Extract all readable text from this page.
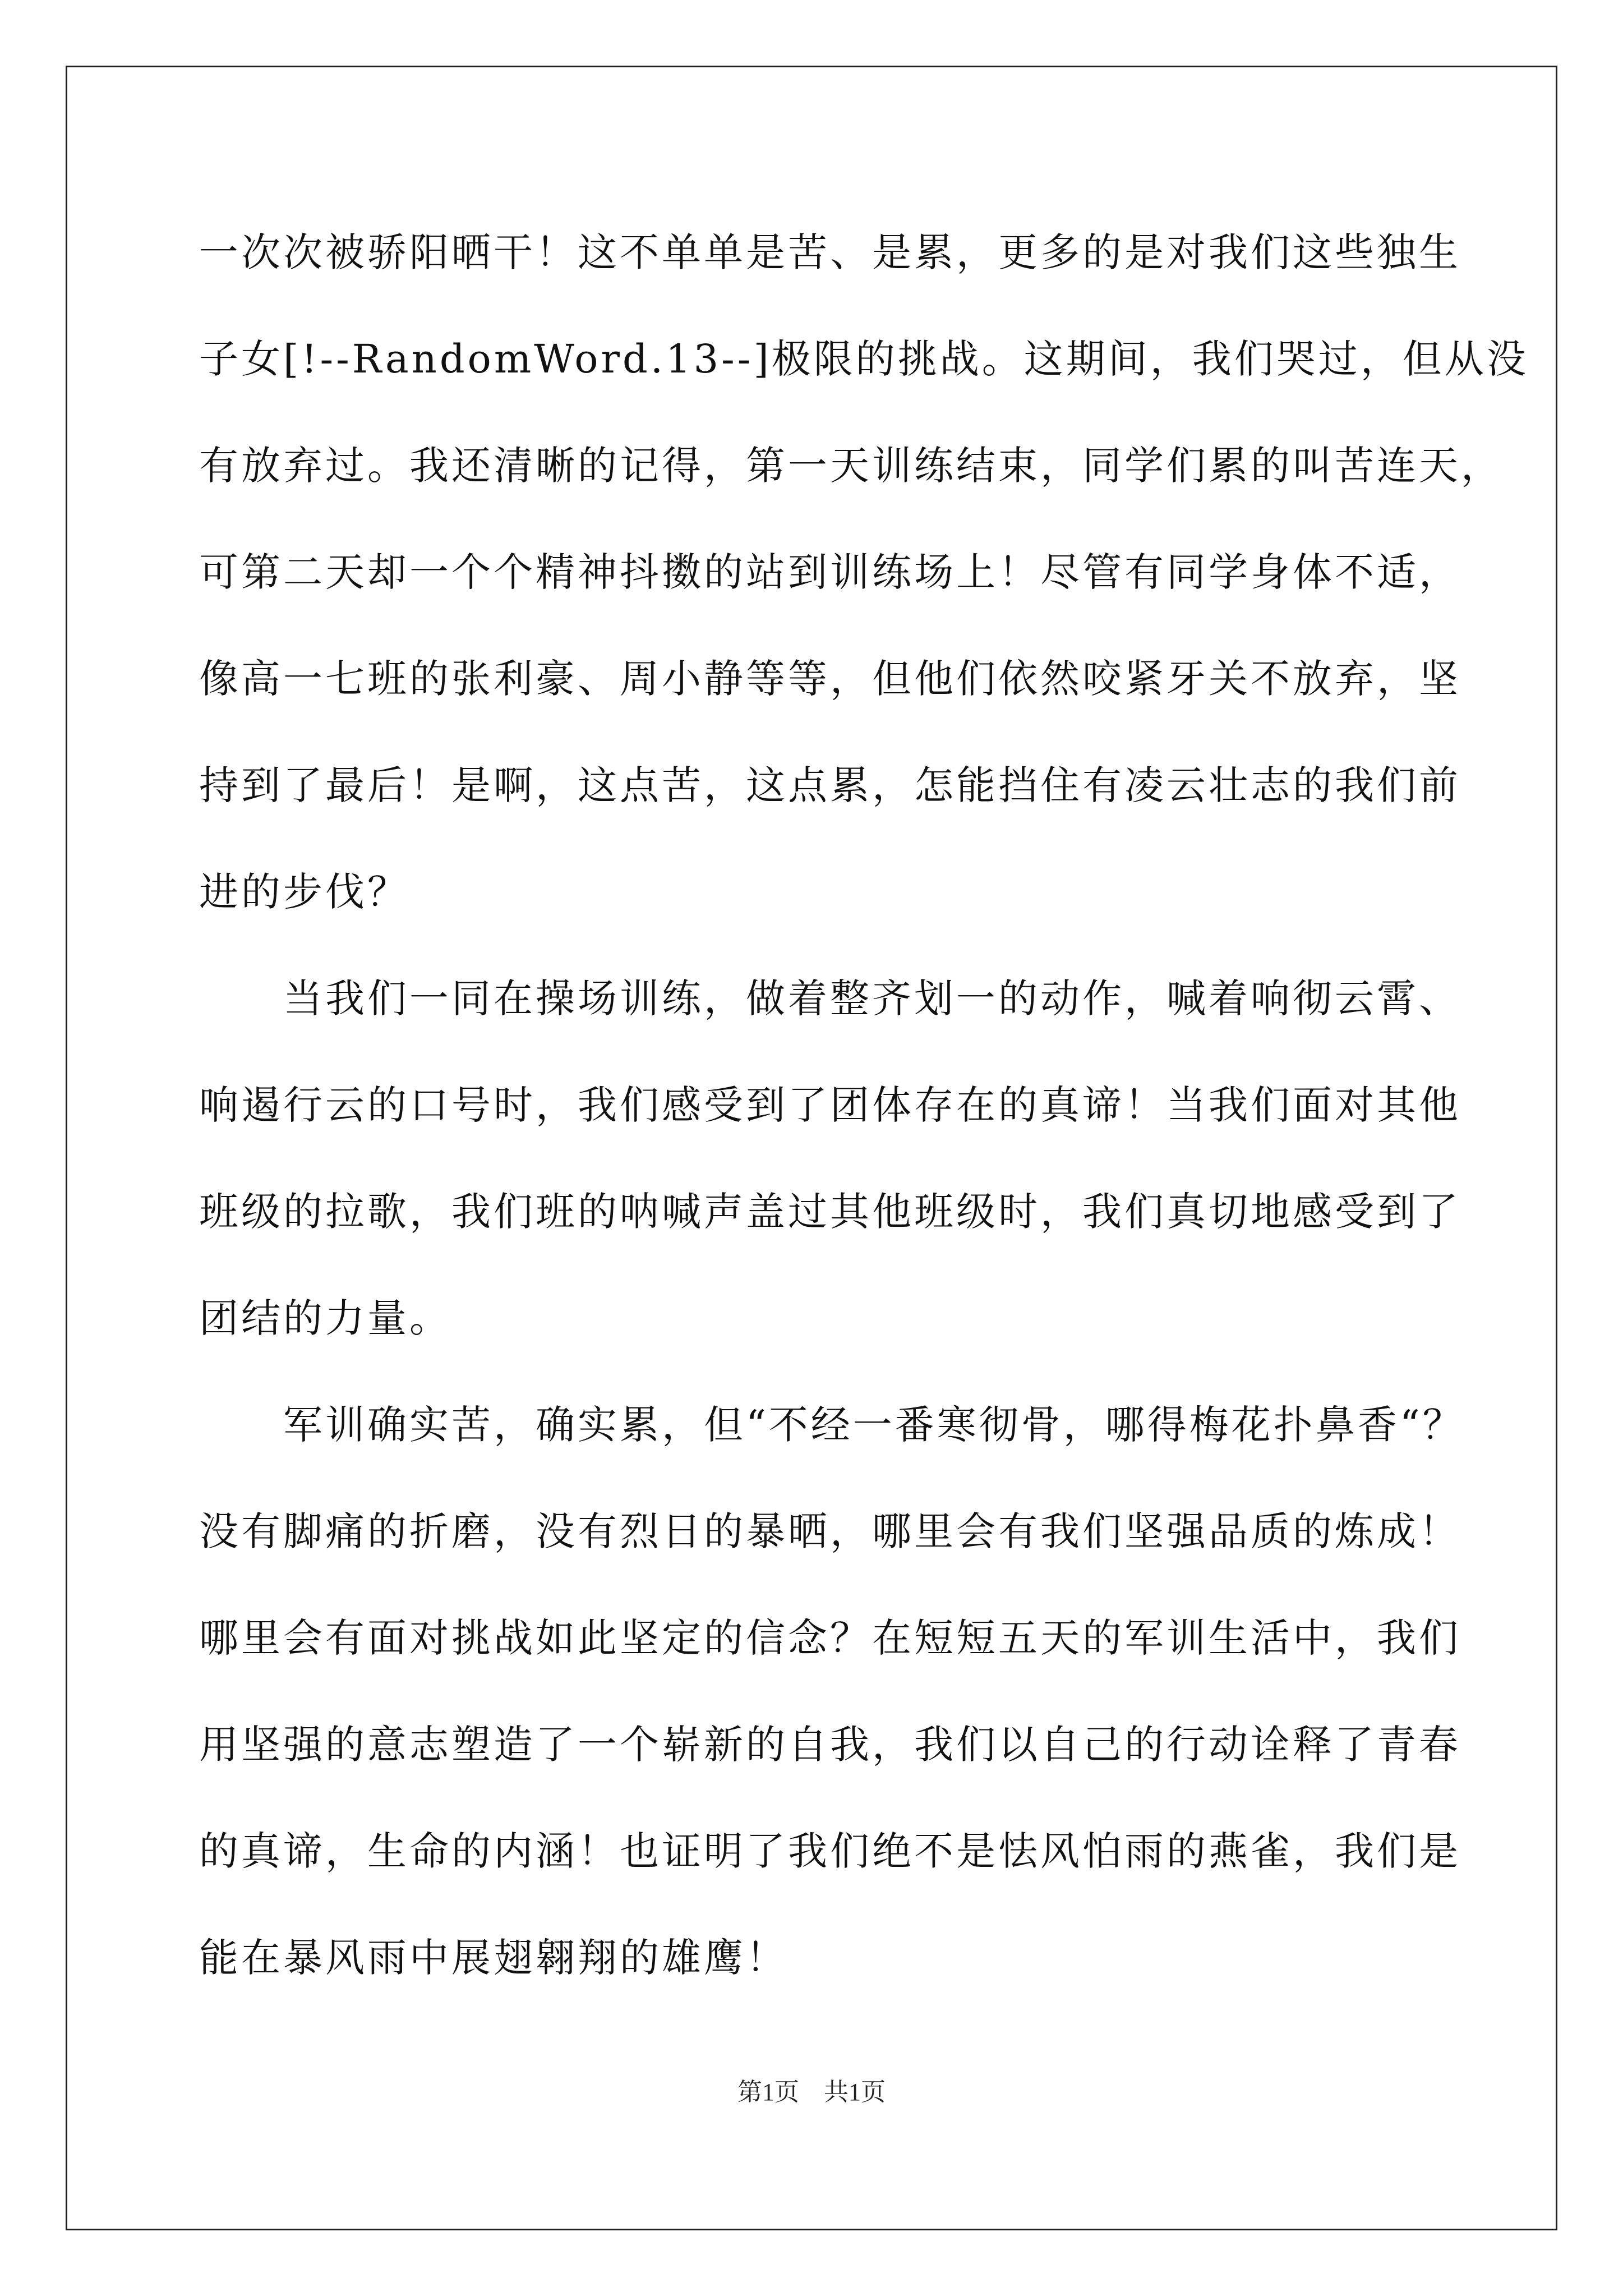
一次次被骄阳晒干！这不单单是苦、是累，更多的是对我们这些独生
子女[!--RandomWord.13--]极限的挑战。这期间，我们哭过，但从没
有放弃过。我还清晰的记得，第一天训练结束，同学们累的叫苦连天，
可第二天却一个个精神抖擞的站到训练场上！尽管有同学身体不适，
像高一七班的张利豪、周小静等等，但他们依然咬紧牙关不放弃，坚
持到了最后！是啊，这点苦，这点累，怎能挡住有凌云壮志的我们前
进的步伐？
　　当我们一同在操场训练，做着整齐划一的动作，喊着响彻云霄、
响遏行云的口号时，我们感受到了团体存在的真谛！当我们面对其他
班级的拉歌，我们班的呐喊声盖过其他班级时，我们真切地感受到了
团结的力量。
　　军训确实苦，确实累，但“不经一番寒彻骨，哪得梅花扑鼻香“？
没有脚痛的折磨，没有烈日的暴晒，哪里会有我们坚强品质的炼成！
哪里会有面对挑战如此坚定的信念？在短短五天的军训生活中，我们
用坚强的意志塑造了一个崭新的自我，我们以自己的行动诠释了青春
的真谛，生命的内涵！也证明了我们绝不是怯风怕雨的燕雀，我们是
能在暴风雨中展翅翱翔的雄鹰！
第1页　共1页
